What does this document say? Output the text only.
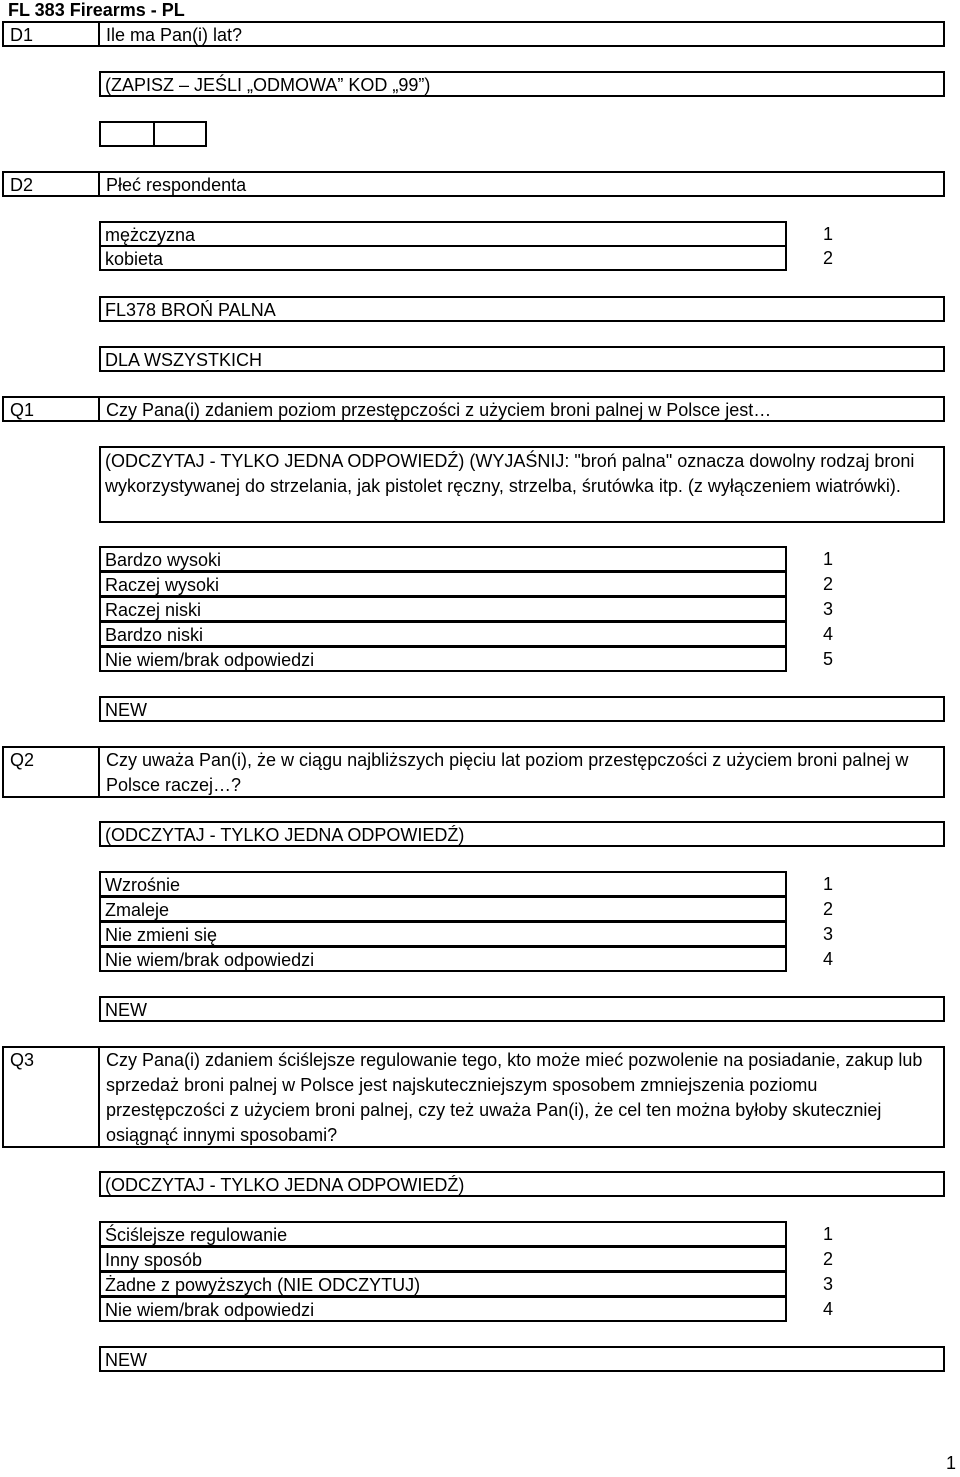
FL 383 Firearms - PL
D1	Ile ma Pan(i) lat?
(ZAPISZ – JEŚLI „ODMOWA” KOD „99”)
D2	Płeć respondenta
mężczyzna	1
kobieta	2
FL378 BROŃ PALNA
DLA WSZYSTKICH
Q1	Czy Pana(i) zdaniem poziom przestępczości z użyciem broni palnej w Polsce jest…
(ODCZYTAJ - TYLKO JEDNA ODPOWIEDŹ) (WYJAŚNIJ: "broń palna" oznacza dowolny rodzaj broni wykorzystywanej do strzelania, jak pistolet ręczny, strzelba, śrutówka itp. (z wyłączeniem wiatrówki).
Bardzo wysoki	1
Raczej wysoki	2
Raczej niski	3
Bardzo niski	4
Nie wiem/brak odpowiedzi	5
NEW
Q2	Czy uważa Pan(i), że w ciągu najbliższych pięciu lat poziom przestępczości z użyciem broni palnej w Polsce raczej…?
(ODCZYTAJ - TYLKO JEDNA ODPOWIEDŹ)
Wzrośnie	1
Zmaleje	2
Nie zmieni się	3
Nie wiem/brak odpowiedzi	4
NEW
Q3	Czy Pana(i) zdaniem ściślejsze regulowanie tego, kto może mieć pozwolenie na posiadanie, zakup lub sprzedaż broni palnej w Polsce jest najskuteczniejszym sposobem zmniejszenia poziomu przestępczości z użyciem broni palnej, czy też uważa Pan(i), że cel ten można byłoby skuteczniej osiągnąć innymi sposobami?
(ODCZYTAJ - TYLKO JEDNA ODPOWIEDŹ)
Ściślejsze regulowanie	1
Inny sposób	2
Żadne z powyższych (NIE ODCZYTUJ)	3
Nie wiem/brak odpowiedzi	4
NEW
1
